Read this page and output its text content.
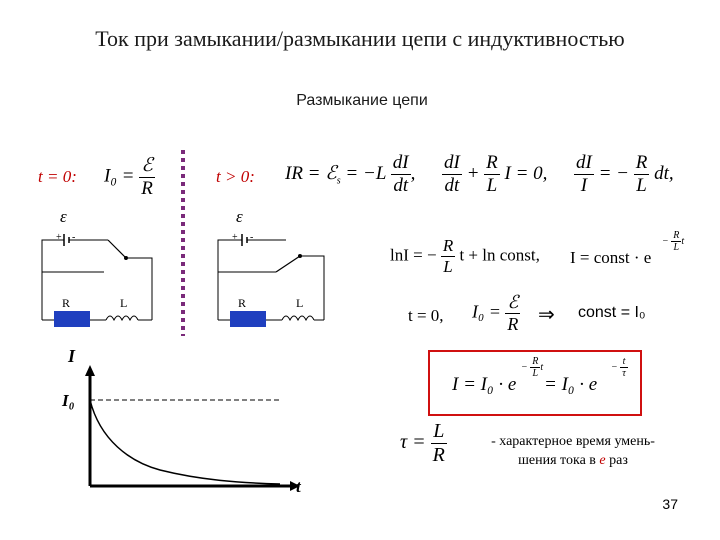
Ток при замыкании/размыкании цепи с индуктивностью
Размыкание цепи
t = 0: $I_0 = \frac{\text{ℰ}}{R}$	t > 0: IR = ℰ$_s$ = $-L \frac{dI}{dt}$ , $\frac{dI}{dt} + \frac{R}{L}$ I = 0, $\frac{dI}{I}$ = − $\frac{R}{L}$ dt,
lnI = − $\frac{R}{L}$ t + ln const, I = const · e
− $\frac{R}{L}$ t
t = 0, $I_0 = \frac{\text{ℰ}}{R}$ ⇒ const = I₀
I = I₀ · e
− $\frac{R}{L}$ t
= I₀ · e
− $\frac{t}{\tau}$
$\tau = \frac{L}{R}$	- характерное время умень-
шения тока в e раз
ε
+ -
R	L
ε
+ -
R	L
I
I₀
t
37
